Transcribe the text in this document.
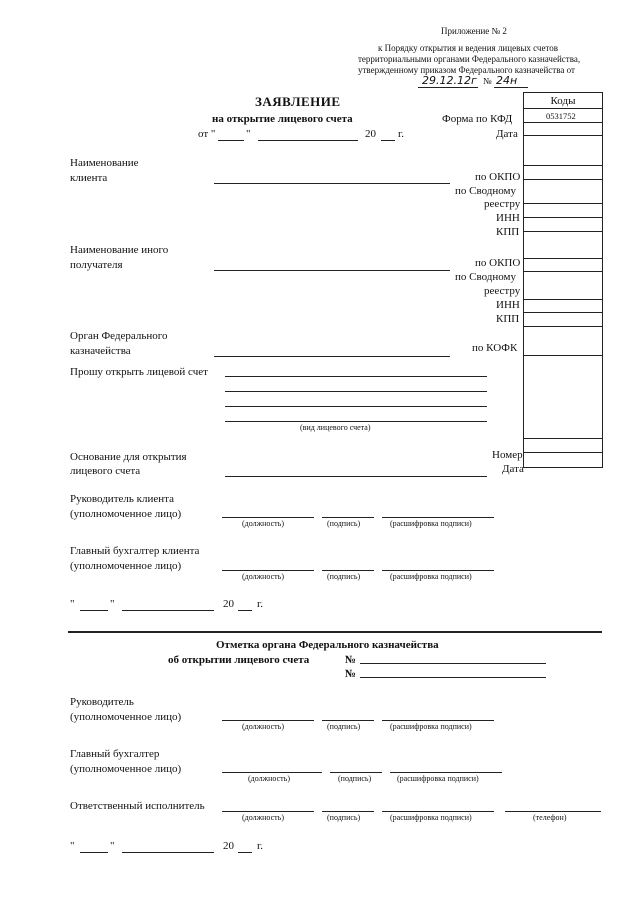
Приложение № 2
к Порядку открытия и ведения лицевых счетов
территориальными органами Федерального казначейства,
утвержденному приказом Федерального казначейства от
29.12.12г № 24н
ЗАЯВЛЕНИЕ
на открытие лицевого счета
от "	"	20 г.
Форма по КФД
Дата
Коды
0531752
Наименование
клиента	по ОКПО
по Сводному
реестру
ИНН
КПП
Наименование иного
получателя	по ОКПО
по Сводному
реестру
ИНН
КПП
Орган Федерального
казначейства	по КОФК
Прошу открыть лицевой счет
(вид лицевого счета)
Основание для открытия
лицевого счета
Номер
Дата
Руководитель клиента
(уполномоченное лицо)
(должность)	(подпись)	(расшифровка подписи)
Главный бухгалтер клиента
(уполномоченное лицо)
(должность)	(подпись)	(расшифровка подписи)
"	"	20 г.
Отметка органа Федерального казначейства
об открытии лицевого счета	№
№
Руководитель
(уполномоченное лицо)
(должность)	(подпись)	(расшифровка подписи)
Главный бухгалтер
(уполномоченное лицо)
(должность)	(подпись)	(расшифровка подписи)
Ответственный исполнитель
(должность)	(подпись)	(расшифровка подписи)	(телефон)
"	"	20 г.
